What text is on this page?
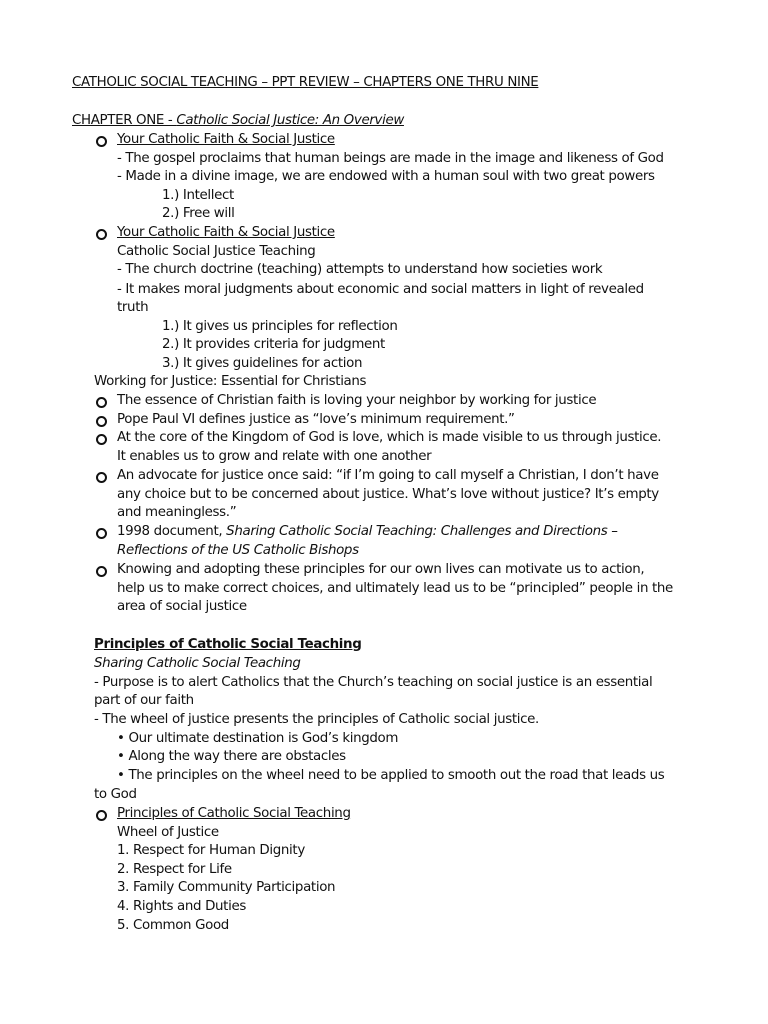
CATHOLIC SOCIAL TEACHING – PPT REVIEW – CHAPTERS ONE THRU NINE
CHAPTER ONE - Catholic Social Justice: An Overview
Your Catholic Faith & Social Justice
- The gospel proclaims that human beings are made in the image and likeness of God
- Made in a divine image, we are endowed with a human soul with two great powers
1.) Intellect
2.) Free will
Your Catholic Faith & Social Justice
Catholic Social Justice Teaching
- The church doctrine (teaching) attempts to understand how societies work
- It makes moral judgments about economic and social matters in light of revealed
truth
1.) It gives us principles for reflection
2.) It provides criteria for judgment
3.) It gives guidelines for action
Working for Justice: Essential for Christians
The essence of Christian faith is loving your neighbor by working for justice
Pope Paul VI defines justice as “love’s minimum requirement.”
At the core of the Kingdom of God is love, which is made visible to us through justice.
It enables us to grow and relate with one another
An advocate for justice once said: “if I’m going to call myself a Christian, I don’t have
any choice but to be concerned about justice. What’s love without justice? It’s empty
and meaningless.”
1998 document, Sharing Catholic Social Teaching: Challenges and Directions –
Reflections of the US Catholic Bishops
Knowing and adopting these principles for our own lives can motivate us to action,
help us to make correct choices, and ultimately lead us to be “principled” people in the
area of social justice
Principles of Catholic Social Teaching
Sharing Catholic Social Teaching
- Purpose is to alert Catholics that the Church’s teaching on social justice is an essential
part of our faith
- The wheel of justice presents the principles of Catholic social justice.
• Our ultimate destination is God’s kingdom
• Along the way there are obstacles
• The principles on the wheel need to be applied to smooth out the road that leads us
to God
Principles of Catholic Social Teaching
Wheel of Justice
1. Respect for Human Dignity
2. Respect for Life
3. Family Community Participation
4. Rights and Duties
5. Common Good
